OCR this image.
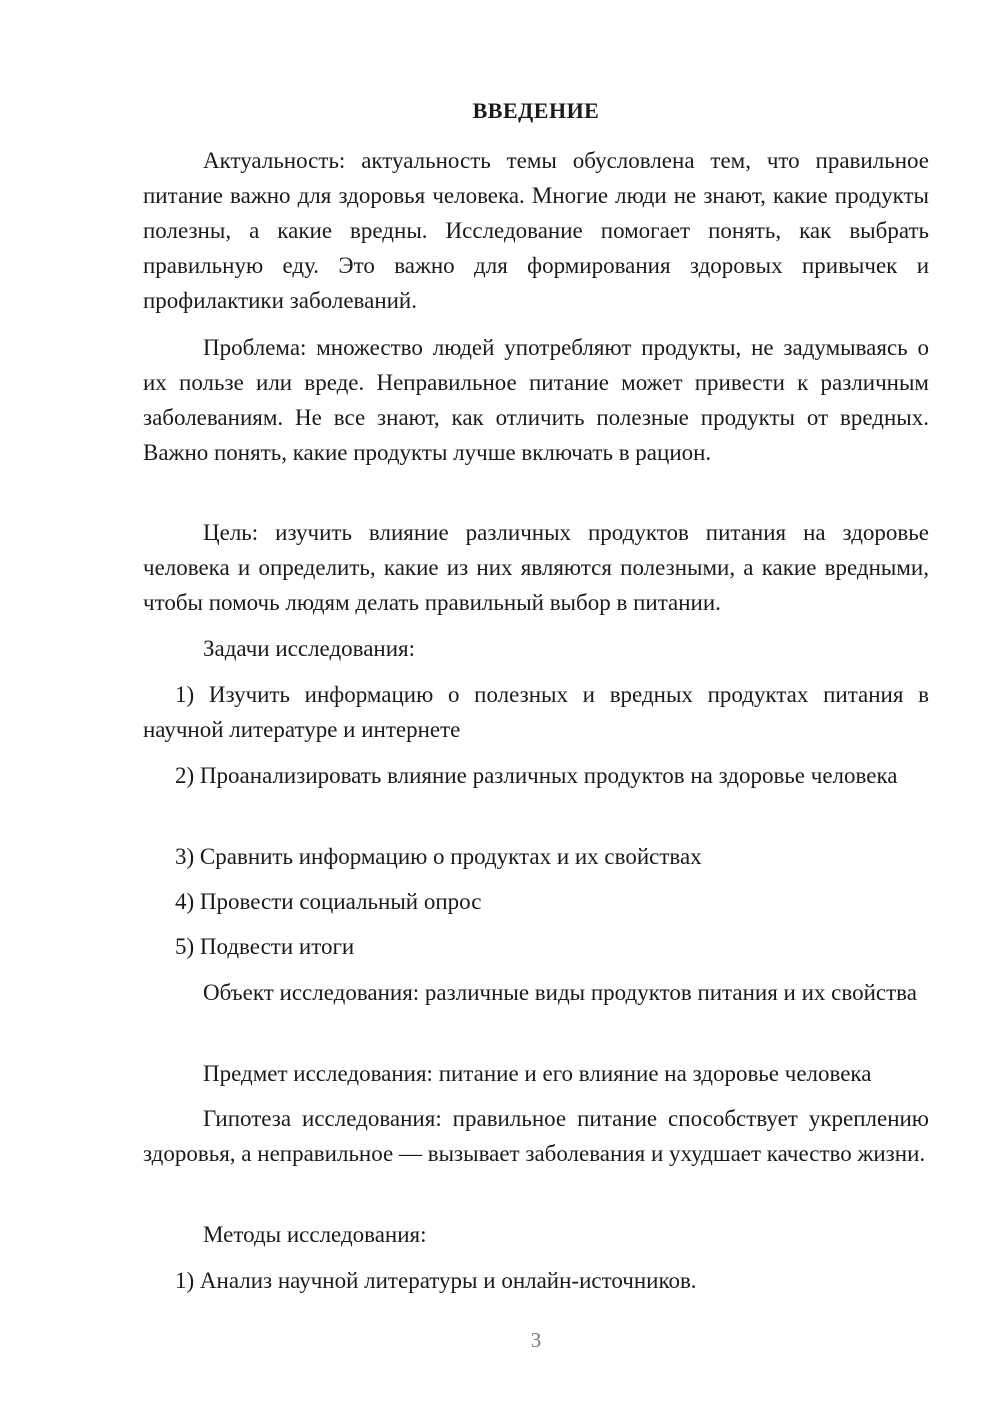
ВВЕДЕНИЕ

Актуальность: актуальность темы обусловлена тем, что правильное питание важно для здоровья человека. Многие люди не знают, какие продукты полезны, а какие вредны. Исследование помогает понять, как выбрать правильную еду. Это важно для формирования здоровых привычек и профилактики заболеваний.

Проблема: множество людей употребляют продукты, не задумываясь о их пользе или вреде. Неправильное питание может привести к различным заболеваниям. Не все знают, как отличить полезные продукты от вредных. Важно понять, какие продукты лучше включать в рацион.

Цель: изучить влияние различных продуктов питания на здоровье человека и определить, какие из них являются полезными, а какие вредными, чтобы помочь людям делать правильный выбор в питании.

Задачи исследования:

1) Изучить информацию о полезных и вредных продуктах питания в научной литературе и интернете

2) Проанализировать влияние различных продуктов на здоровье человека

3) Сравнить информацию о продуктах и их свойствах

4) Провести социальный опрос

5) Подвести итоги

Объект исследования: различные виды продуктов питания и их свойства

Предмет исследования: питание и его влияние на здоровье человека

Гипотеза исследования: правильное питание способствует укреплению здоровья, а неправильное — вызывает заболевания и ухудшает качество жизни.

Методы исследования:

1) Анализ научной литературы и онлайн-источников.

3
